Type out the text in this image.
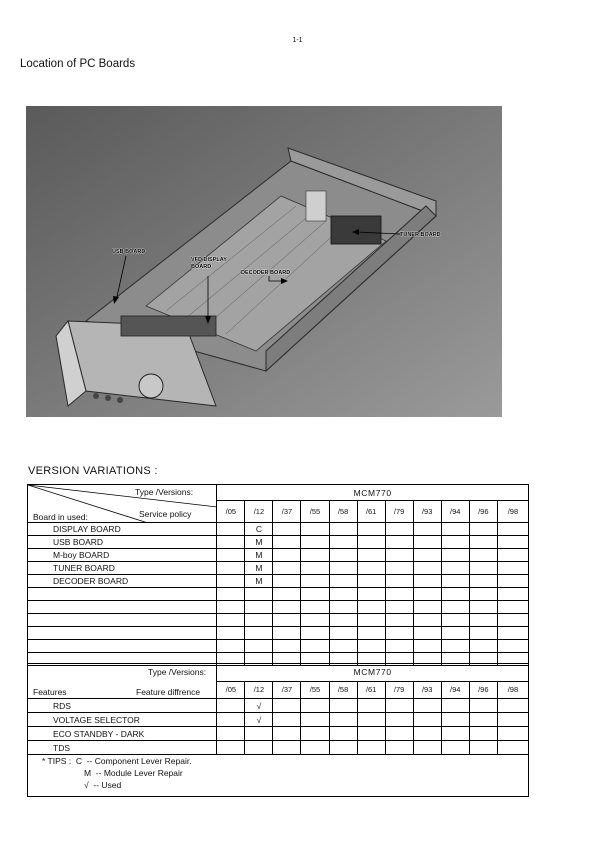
1-1
Location of PC Boards
USB BOARD
VFD DISPLAY
BOARD
DECODER BOARD
TUNER BOARD
VERSION VARIATIONS :
Type /Versions:
Service policy
Board in used:	MCM770										
	/05	/12	/37	/55	/58	/61	/79	/93	/94	/96	/98
DISPLAY BOARD		C									
USB BOARD		M									
M-boy BOARD		M									
TUNER BOARD		M									
DECODER BOARD		M									

Type /Versions:
Features Feature diffrence	MCM770										
	/05	/12	/37	/55	/58	/61	/79	/93	/94	/96	/98
RDS		√									
VOLTAGE SELECTOR		√									
ECO STANDBY - DARK											
TDS											
* TIPS :  C  -- Component Lever Repair.
M  -- Module Lever Repair
√  -- Used
